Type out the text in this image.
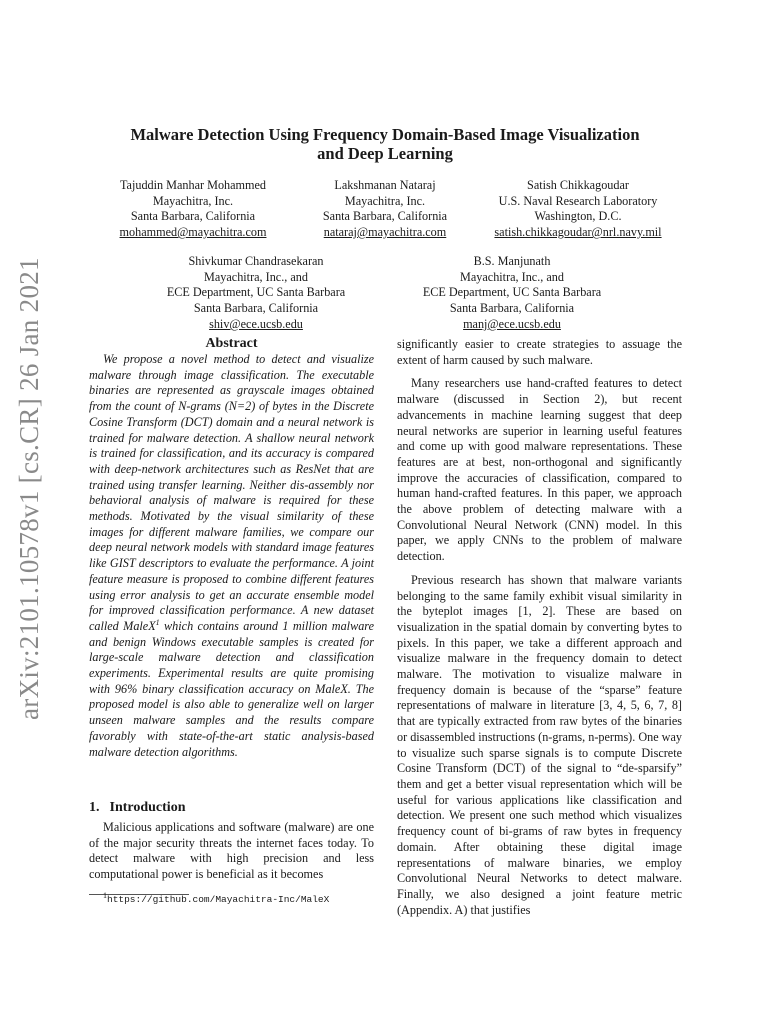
arXiv:2101.10578v1 [cs.CR] 26 Jan 2021
Malware Detection Using Frequency Domain-Based Image Visualization
and Deep Learning
Tajuddin Manhar Mohammed
Mayachitra, Inc.
Santa Barbara, California
mohammed@mayachitra.com
Lakshmanan Nataraj
Mayachitra, Inc.
Santa Barbara, California
nataraj@mayachitra.com
Satish Chikkagoudar
U.S. Naval Research Laboratory
Washington, D.C.
satish.chikkagoudar@nrl.navy.mil
Shivkumar Chandrasekaran
Mayachitra, Inc., and
ECE Department, UC Santa Barbara
Santa Barbara, California
shiv@ece.ucsb.edu
B.S. Manjunath
Mayachitra, Inc., and
ECE Department, UC Santa Barbara
Santa Barbara, California
manj@ece.ucsb.edu
Abstract

We propose a novel method to detect and visualize malware through image classification. The executable binaries are represented as grayscale images obtained from the count of N-grams (N=2) of bytes in the Discrete Cosine Transform (DCT) domain and a neural network is trained for malware detection. A shallow neural network is trained for classification, and its accuracy is compared with deep-network architectures such as ResNet that are trained using transfer learning. Neither dis-assembly nor behavioral analysis of malware is required for these methods. Motivated by the visual similarity of these images for different malware families, we compare our deep neural network models with standard image features like GIST descriptors to evaluate the performance. A joint feature measure is proposed to combine different features using error analysis to get an accurate ensemble model for improved classification performance. A new dataset called MaleX$^1$ which contains around 1 million malware and benign Windows executable samples is created for large-scale malware detection and classification experiments. Experimental results are quite promising with 96% binary classification accuracy on MaleX. The proposed model is also able to generalize well on larger unseen malware samples and the results compare favorably with state-of-the-art static analysis-based malware detection algorithms.

1. Introduction

Malicious applications and software (malware) are one of the major security threats the internet faces today. To detect malware with high precision and less computational power is beneficial as it becomes

$^1$https://github.com/Mayachitra-Inc/MaleX

significantly easier to create strategies to assuage the extent of harm caused by such malware.

Many researchers use hand-crafted features to detect malware (discussed in Section 2), but recent advancements in machine learning suggest that deep neural networks are superior in learning useful features and come up with good malware representations. These features are at best, non-orthogonal and significantly improve the accuracies of classification, compared to human hand-crafted features. In this paper, we approach the above problem of detecting malware with a Convolutional Neural Network (CNN) model. In this paper, we apply CNNs to the problem of malware detection.

Previous research has shown that malware variants belonging to the same family exhibit visual similarity in the byteplot images [1, 2]. These are based on visualization in the spatial domain by converting bytes to pixels. In this paper, we take a different approach and visualize malware in the frequency domain to detect malware. The motivation to visualize malware in frequency domain is because of the “sparse” feature representations of malware in literature [3, 4, 5, 6, 7, 8] that are typically extracted from raw bytes of the binaries or disassembled instructions (n-grams, n-perms). One way to visualize such sparse signals is to compute Discrete Cosine Transform (DCT) of the signal to “de-sparsify” them and get a better visual representation which will be useful for various applications like classification and detection. We present one such method which visualizes frequency count of bi-grams of raw bytes in frequency domain. After obtaining these digital image representations of malware binaries, we employ Convolutional Neural Networks to detect malware. Finally, we also designed a joint feature metric (Appendix. A) that justifies
